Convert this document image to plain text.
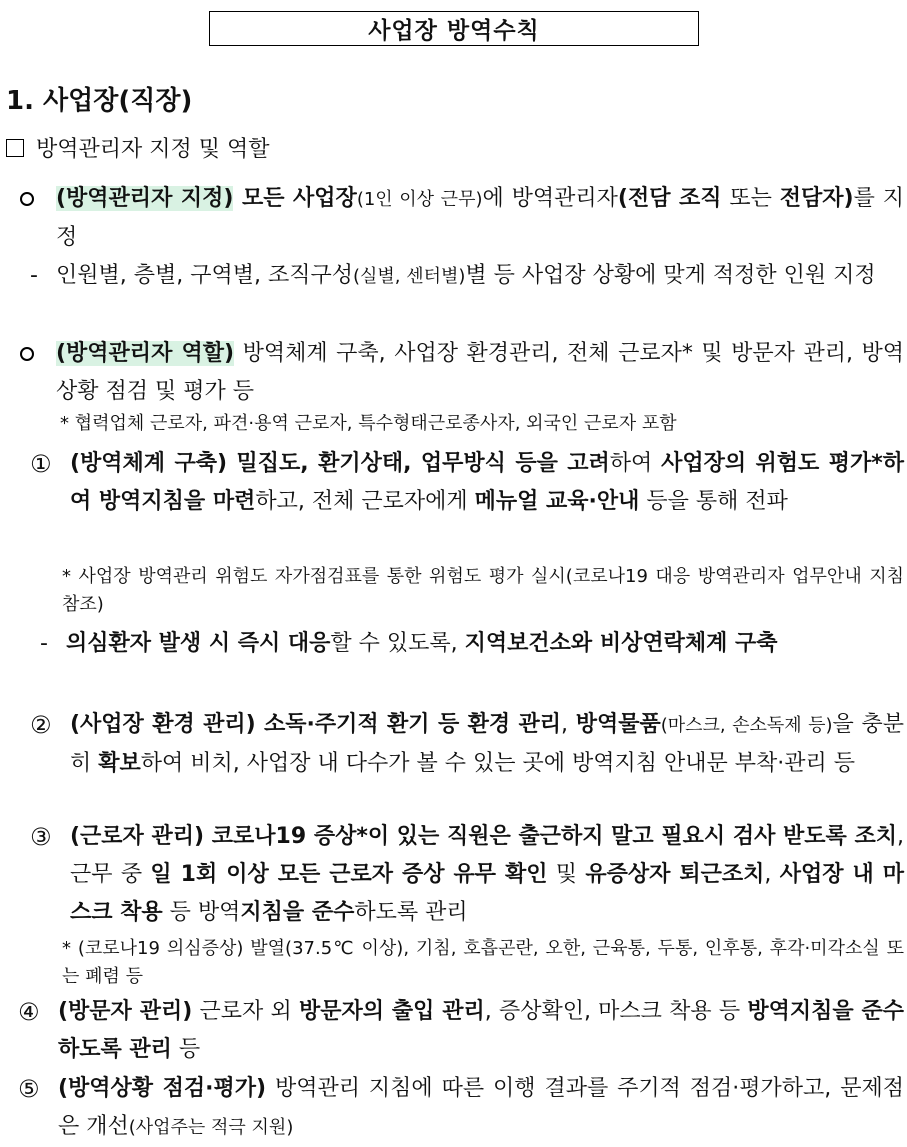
사업장 방역수칙
1. 사업장(직장)
방역관리자 지정 및 역할
(방역관리자 지정) 모든 사업장(1인 이상 근무)에 방역관리자(전담 조직 또는 전담자)를 지정
- 인원별, 층별, 구역별, 조직구성(실별, 센터별)별 등 사업장 상황에 맞게 적정한 인원 지정
(방역관리자 역할) 방역체계 구축, 사업장 환경관리, 전체 근로자* 및 방문자 관리, 방역상황 점검 및 평가 등
* 협력업체 근로자, 파견·용역 근로자, 특수형태근로종사자, 외국인 근로자 포함
① (방역체계 구축) 밀집도, 환기상태, 업무방식 등을 고려하여 사업장의 위험도 평가*하여 방역지침을 마련하고, 전체 근로자에게 메뉴얼 교육·안내 등을 통해 전파
* 사업장 방역관리 위험도 자가점검표를 통한 위험도 평가 실시(코로나19 대응 방역관리자 업무안내 지침 참조)
- 의심환자 발생 시 즉시 대응할 수 있도록, 지역보건소와 비상연락체계 구축
② (사업장 환경 관리) 소독·주기적 환기 등 환경 관리, 방역물품(마스크, 손소독제 등)을 충분히 확보하여 비치, 사업장 내 다수가 볼 수 있는 곳에 방역지침 안내문 부착·관리 등
③ (근로자 관리) 코로나19 증상*이 있는 직원은 출근하지 말고 필요시 검사 받도록 조치, 근무 중 일 1회 이상 모든 근로자 증상 유무 확인 및 유증상자 퇴근조치, 사업장 내 마스크 착용 등 방역지침을 준수하도록 관리
* (코로나19 의심증상) 발열(37.5℃ 이상), 기침, 호흡곤란, 오한, 근육통, 두통, 인후통, 후각·미각소실 또는 폐렴 등
④ (방문자 관리) 근로자 외 방문자의 출입 관리, 증상확인, 마스크 착용 등 방역지침을 준수하도록 관리 등
⑤ (방역상황 점검·평가) 방역관리 지침에 따른 이행 결과를 주기적 점검·평가하고, 문제점은 개선(사업주는 적극 지원)
